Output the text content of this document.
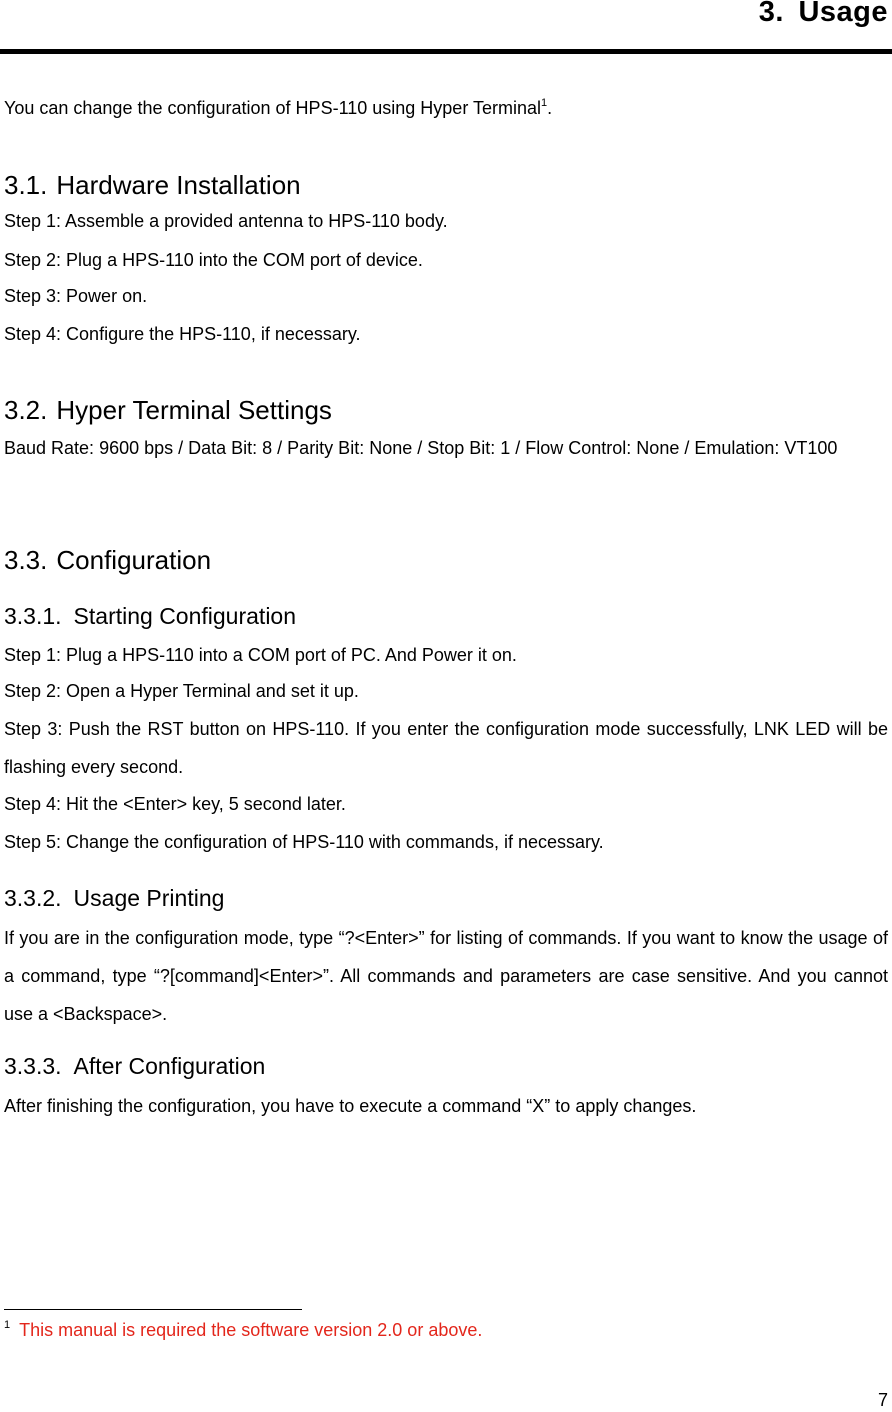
3. Usage
You can change the configuration of HPS-110 using Hyper Terminal$^1$.
3.1. Hardware Installation
Step 1: Assemble a provided antenna to HPS-110 body.
Step 2: Plug a HPS-110 into the COM port of device.
Step 3: Power on.
Step 4: Configure the HPS-110, if necessary.
3.2. Hyper Terminal Settings
Baud Rate: 9600 bps / Data Bit: 8 / Parity Bit: None / Stop Bit: 1 / Flow Control: None / Emulation: VT100
3.3. Configuration
3.3.1. Starting Configuration
Step 1: Plug a HPS-110 into a COM port of PC. And Power it on.
Step 2: Open a Hyper Terminal and set it up.
Step 3: Push the RST button on HPS-110. If you enter the configuration mode successfully, LNK LED will be flashing every second.
Step 4: Hit the <Enter> key, 5 second later.
Step 5: Change the configuration of HPS-110 with commands, if necessary.
3.3.2. Usage Printing
If you are in the configuration mode, type “?<Enter>” for listing of commands. If you want to know the usage of a command, type “?[command]<Enter>”. All commands and parameters are case sensitive. And you cannot use a <Backspace>.
3.3.3. After Configuration
After finishing the configuration, you have to execute a command “X” to apply changes.
$^1$ This manual is required the software version 2.0 or above.
7
